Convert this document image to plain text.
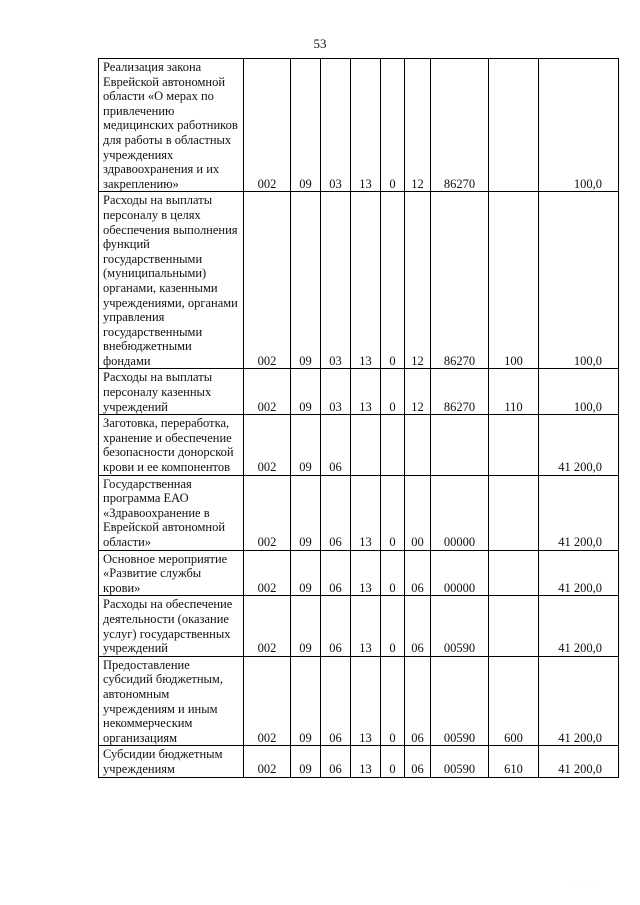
53
Реализация закона Еврейской автономной области «О мерах по привлечению медицинских работников для работы в областных учреждениях здравоохранения и их закреплению»	002	09	03	13	0	12	86270		100,0
Расходы на выплаты персоналу в целях обеспечения выполнения функций государственными (муниципальными) органами, казенными учреждениями, органами управления государственными внебюджетными фондами	002	09	03	13	0	12	86270	100	100,0
Расходы на выплаты персоналу казенных учреждений	002	09	03	13	0	12	86270	110	100,0
Заготовка, переработка, хранение и обеспечение безопасности донорской крови и ее компонентов	002	09	06						41 200,0
Государственная программа ЕАО «Здравоохранение в Еврейской автономной области»	002	09	06	13	0	00	00000		41 200,0
Основное мероприятие «Развитие службы крови»	002	09	06	13	0	06	00000		41 200,0
Расходы на обеспечение деятельности (оказание услуг) государственных учреждений	002	09	06	13	0	06	00590		41 200,0
Предоставление субсидий бюджетным, автономным учреждениям и иным некоммерческим организациям	002	09	06	13	0	06	00590	600	41 200,0
Субсидии бюджетным учреждениям	002	09	06	13	0	06	00590	610	41 200,0
· · · ·
